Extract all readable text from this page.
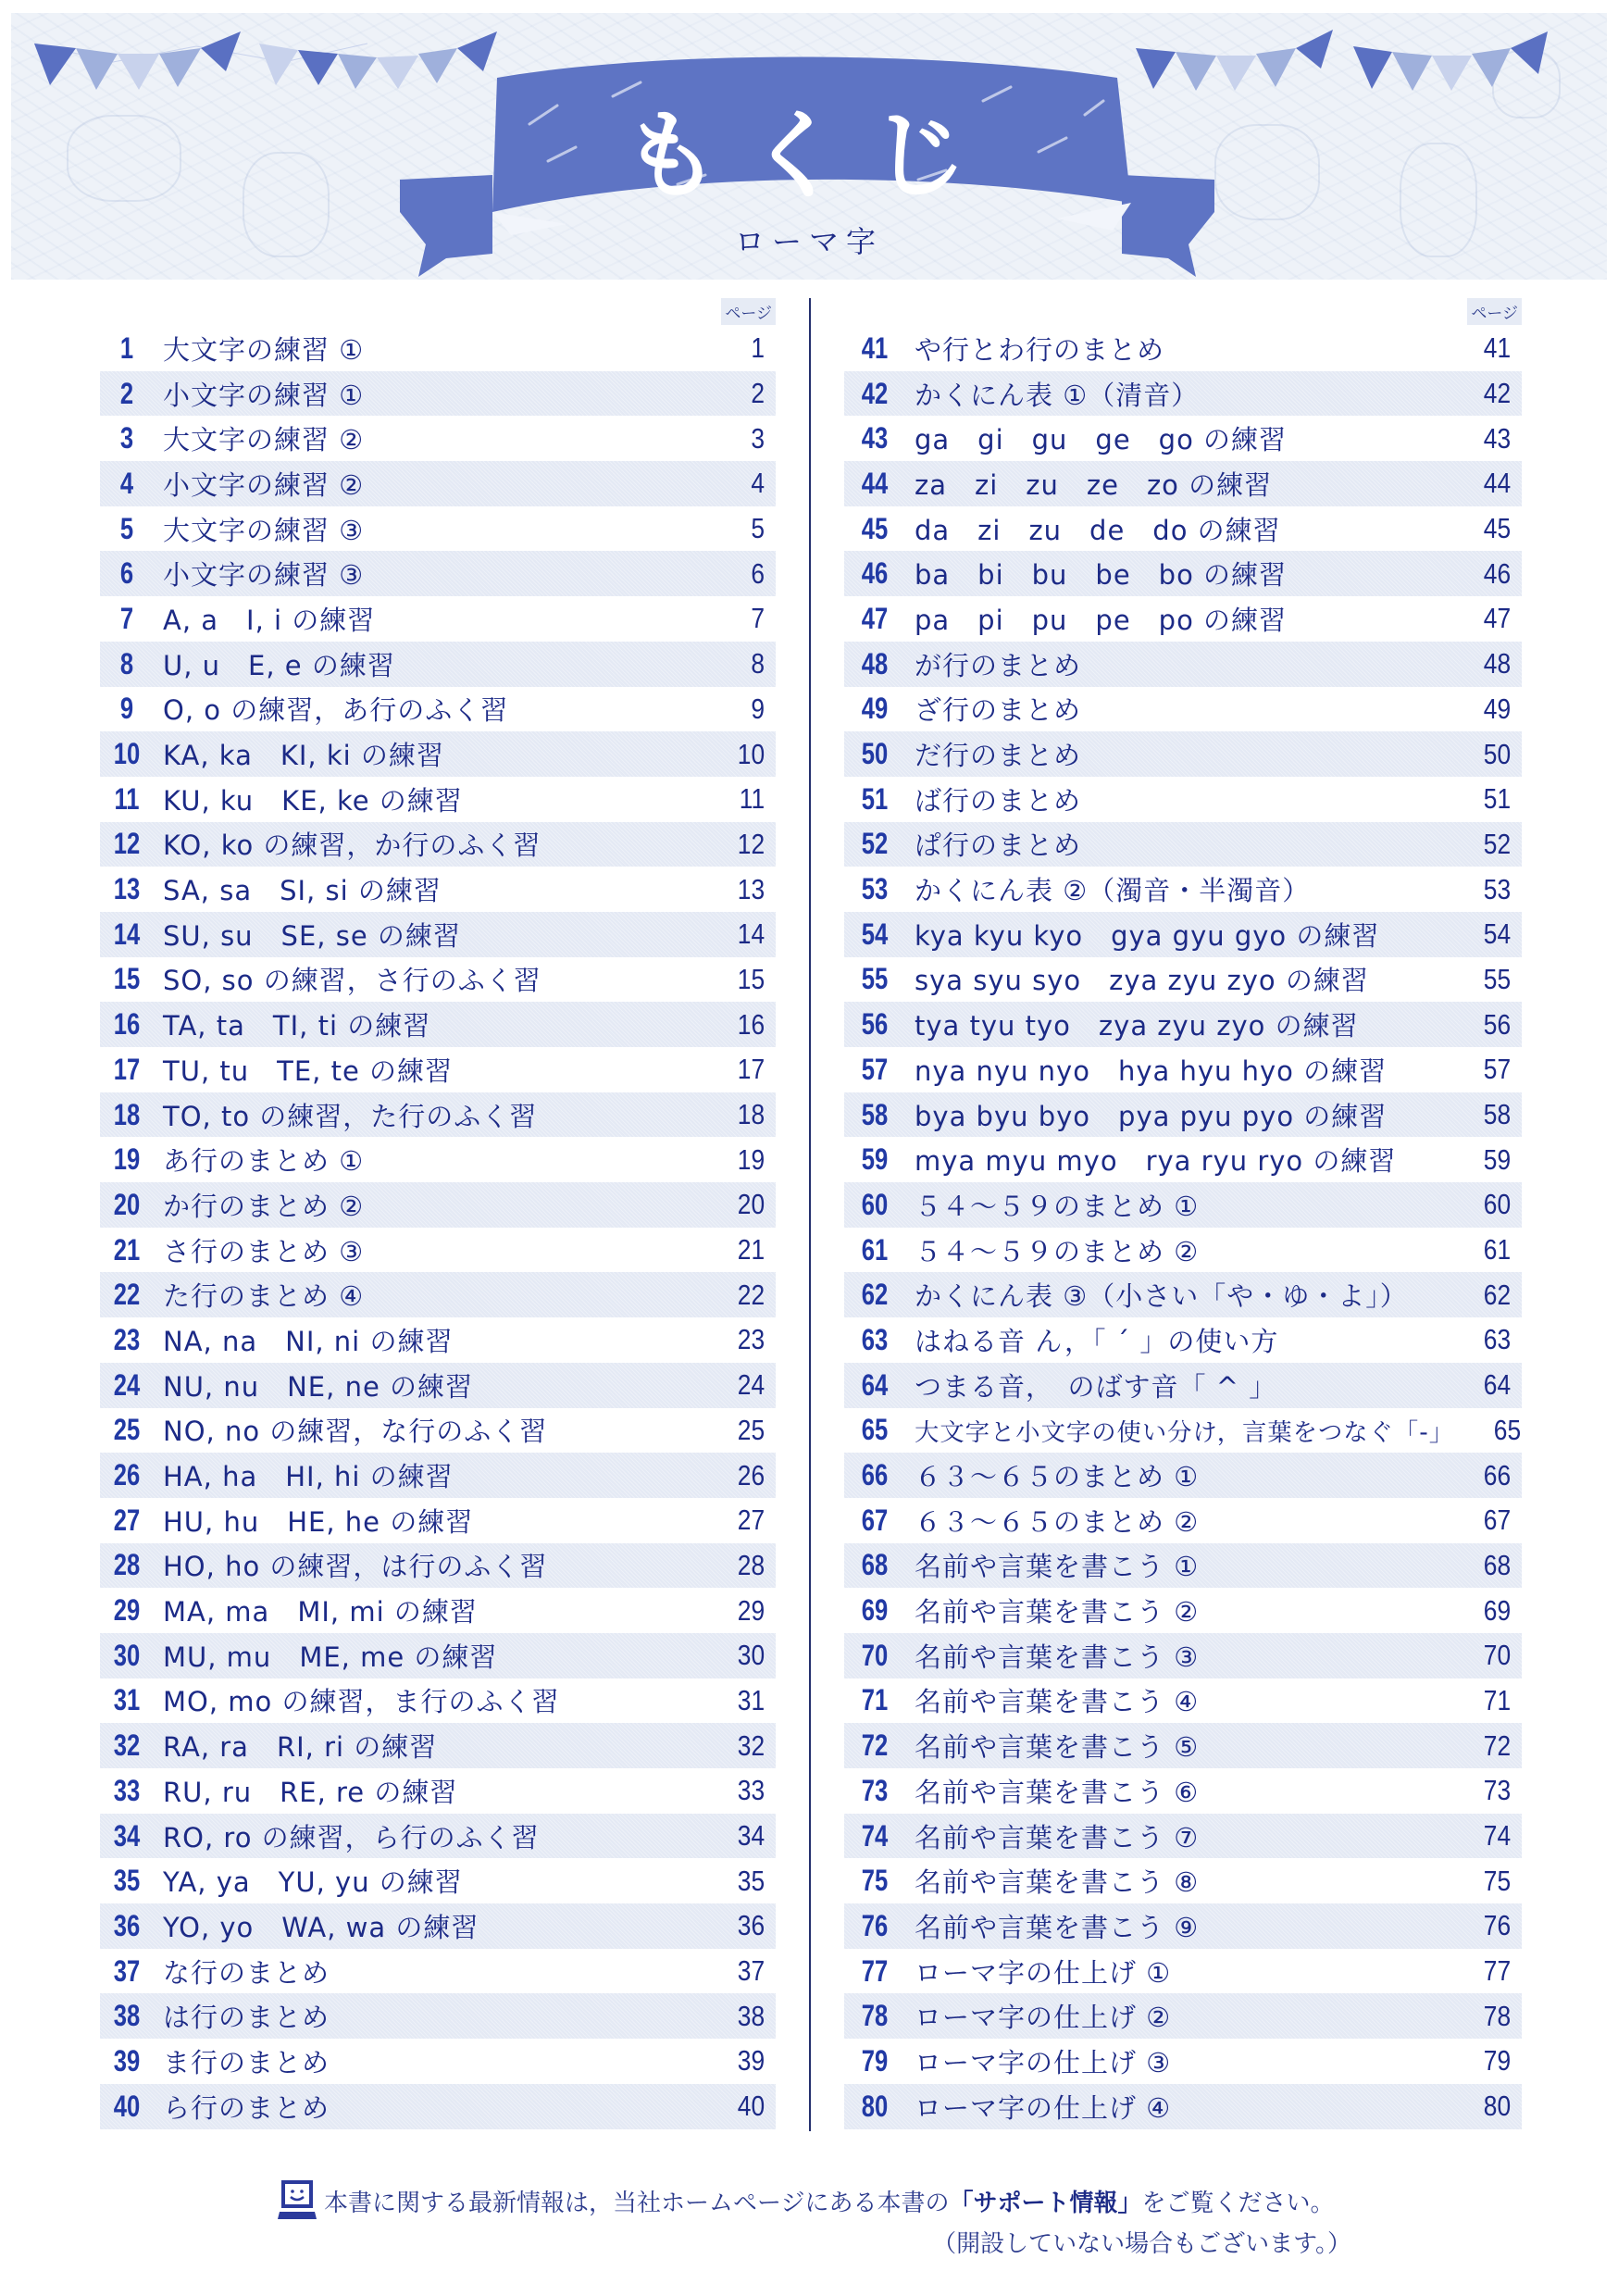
もくじ
ローマ字
ページ
1	大文字の練習 ①	1
2	小文字の練習 ①	2
3	大文字の練習 ②	3
4	小文字の練習 ②	4
5	大文字の練習 ③	5
6	小文字の練習 ③	6
7	A, a　I, i の練習	7
8	U, u　E, e の練習	8
9	O, o の練習，あ行のふく習	9
10 KA, ka　KI, ki の練習	10
11 KU, ku　KE, ke の練習	11
12 KO, ko の練習，か行のふく習	12
13 SA, sa　SI, si の練習	13
14 SU, su　SE, se の練習	14
15 SO, so の練習，さ行のふく習	15
16 TA, ta　TI, ti の練習	16
17 TU, tu　TE, te の練習	17
18 TO, to の練習，た行のふく習	18
19 あ行のまとめ ①	19
20 か行のまとめ ②	20
21 さ行のまとめ ③	21
22 た行のまとめ ④	22
23 NA, na　NI, ni の練習	23
24 NU, nu　NE, ne の練習	24
25 NO, no の練習，な行のふく習	25
26 HA, ha　HI, hi の練習	26
27 HU, hu　HE, he の練習	27
28 HO, ho の練習，は行のふく習	28
29 MA, ma　MI, mi の練習	29
30 MU, mu　ME, me の練習	30
31 MO, mo の練習，ま行のふく習	31
32 RA, ra　RI, ri の練習	32
33 RU, ru　RE, re の練習	33
34 RO, ro の練習，ら行のふく習	34
35 YA, ya　YU, yu の練習	35
36 YO, yo　WA, wa の練習	36
37 な行のまとめ	37
38 は行のまとめ	38
39 ま行のまとめ	39
40 ら行のまとめ	40
ページ
41 や行とわ行のまとめ	41
42 かくにん表 ①（清音）	42
43 ga　gi　gu　ge　go の練習	43
44 za　zi　zu　ze　zo の練習	44
45 da　zi　zu　de　do の練習	45
46 ba　bi　bu　be　bo の練習	46
47 pa　pi　pu　pe　po の練習	47
48 が行のまとめ	48
49 ざ行のまとめ	49
50 だ行のまとめ	50
51 ば行のまとめ	51
52 ぱ行のまとめ	52
53 かくにん表 ②（濁音・半濁音）	53
54 kya kyu kyo　gya gyu gyo の練習	54
55 sya syu syo　zya zyu zyo の練習	55
56 tya tyu tyo　zya zyu zyo の練習	56
57 nya nyu nyo　hya hyu hyo の練習	57
58 bya byu byo　pya pyu pyo の練習	58
59 mya myu myo　rya ryu ryo の練習	59
60 ５４～５９のまとめ ①	60
61 ５４～５９のまとめ ②	61
62 かくにん表 ③（小さい「や・ゆ・よ」）	62
63 はねる音 ん，「 ´ 」の使い方	63
64 つまる音，　のばす音「 ^ 」	64
65	大文字と小文字の使い分け，言葉をつなぐ「-」	65
66 ６３～６５のまとめ ①	66
67 ６３～６５のまとめ ②	67
68 名前や言葉を書こう ①	68
69 名前や言葉を書こう ②	69
70 名前や言葉を書こう ③	70
71 名前や言葉を書こう ④	71
72 名前や言葉を書こう ⑤	72
73 名前や言葉を書こう ⑥	73
74 名前や言葉を書こう ⑦	74
75 名前や言葉を書こう ⑧	75
76 名前や言葉を書こう ⑨	76
77 ローマ字の仕上げ ①	77
78 ローマ字の仕上げ ②	78
79 ローマ字の仕上げ ③	79
80 ローマ字の仕上げ ④	80
本書に関する最新情報は，当社ホームページにある本書の 「サポート情報」 をご覧ください。
（開設していない場合もございます。）
